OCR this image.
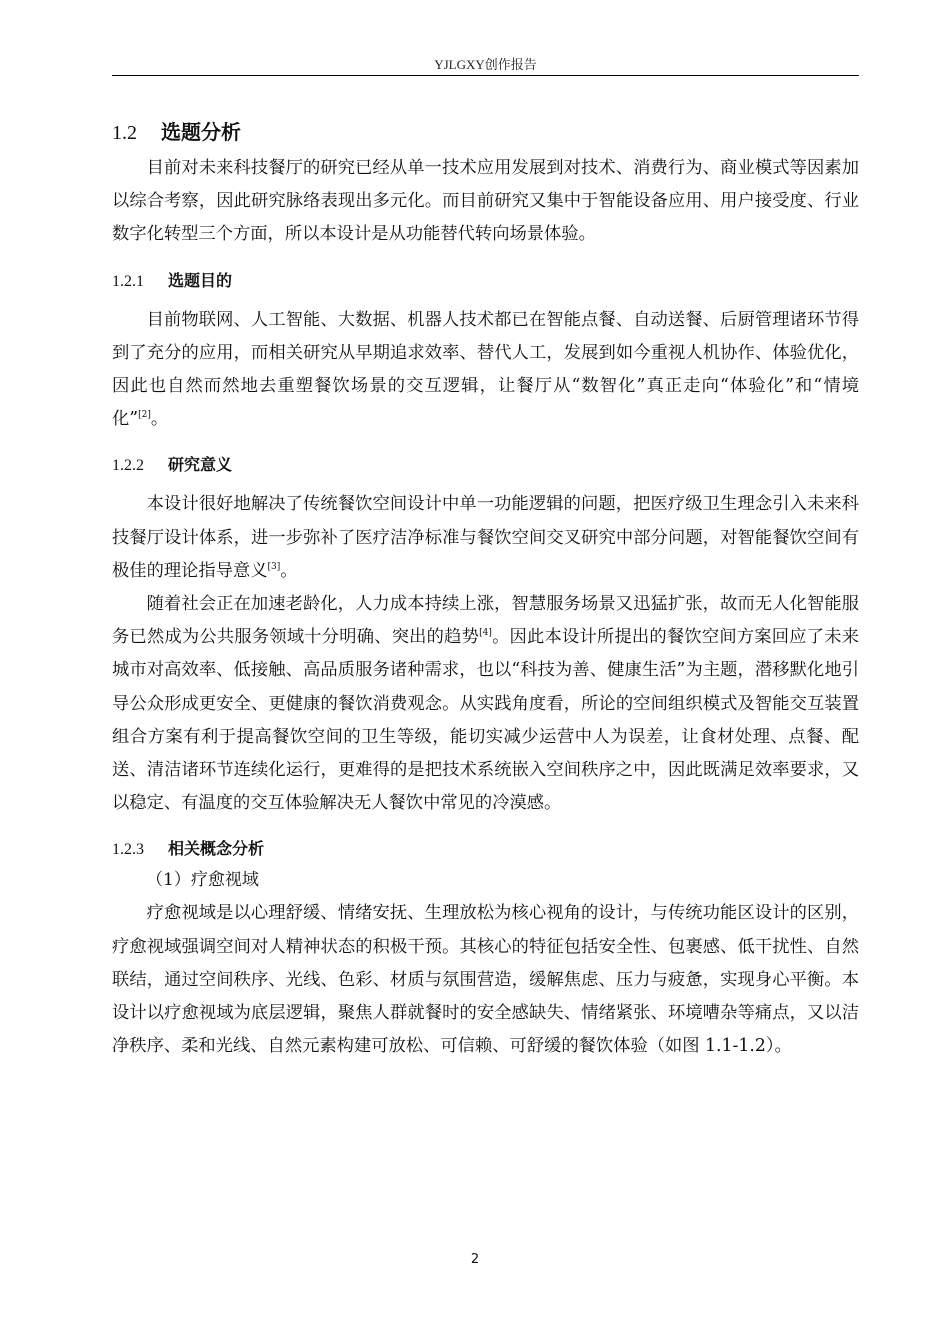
YJLGXY创作报告
1.2 选题分析

目前对未来科技餐厅的研究已经从单一技术应用发展到对技术、消费行为、商业模式等因素加以综合考察，因此研究脉络表现出多元化。而目前研究又集中于智能设备应用、用户接受度、行业数字化转型三个方面，所以本设计是从功能替代转向场景体验。

1.2.1 选题目的

目前物联网、人工智能、大数据、机器人技术都已在智能点餐、自动送餐、后厨管理诸环节得到了充分的应用，而相关研究从早期追求效率、替代人工，发展到如今重视人机协作、体验优化，因此也自然而然地去重塑餐饮场景的交互逻辑，让餐厅从“数智化”真正走向“体验化”和“情境化”[2]。

1.2.2 研究意义

本设计很好地解决了传统餐饮空间设计中单一功能逻辑的问题，把医疗级卫生理念引入未来科技餐厅设计体系，进一步弥补了医疗洁净标准与餐饮空间交叉研究中部分问题，对智能餐饮空间有极佳的理论指导意义[3]。

随着社会正在加速老龄化，人力成本持续上涨，智慧服务场景又迅猛扩张，故而无人化智能服务已然成为公共服务领域十分明确、突出的趋势[4]。因此本设计所提出的餐饮空间方案回应了未来城市对高效率、低接触、高品质服务诸种需求，也以“科技为善、健康生活”为主题，潜移默化地引导公众形成更安全、更健康的餐饮消费观念。从实践角度看，所论的空间组织模式及智能交互装置组合方案有利于提高餐饮空间的卫生等级，能切实减少运营中人为误差，让食材处理、点餐、配送、清洁诸环节连续化运行，更难得的是把技术系统嵌入空间秩序之中，因此既满足效率要求，又以稳定、有温度的交互体验解决无人餐饮中常见的冷漠感。

1.2.3 相关概念分析

（1）疗愈视域

疗愈视域是以心理舒缓、情绪安抚、生理放松为核心视角的设计，与传统功能区设计的区别，疗愈视域强调空间对人精神状态的积极干预。其核心的特征包括安全性、包裹感、低干扰性、自然联结，通过空间秩序、光线、色彩、材质与氛围营造，缓解焦虑、压力与疲惫，实现身心平衡。本设计以疗愈视域为底层逻辑，聚焦人群就餐时的安全感缺失、情绪紧张、环境嘈杂等痛点，又以洁净秩序、柔和光线、自然元素构建可放松、可信赖、可舒缓的餐饮体验（如图 1.1-1.2）。

2
